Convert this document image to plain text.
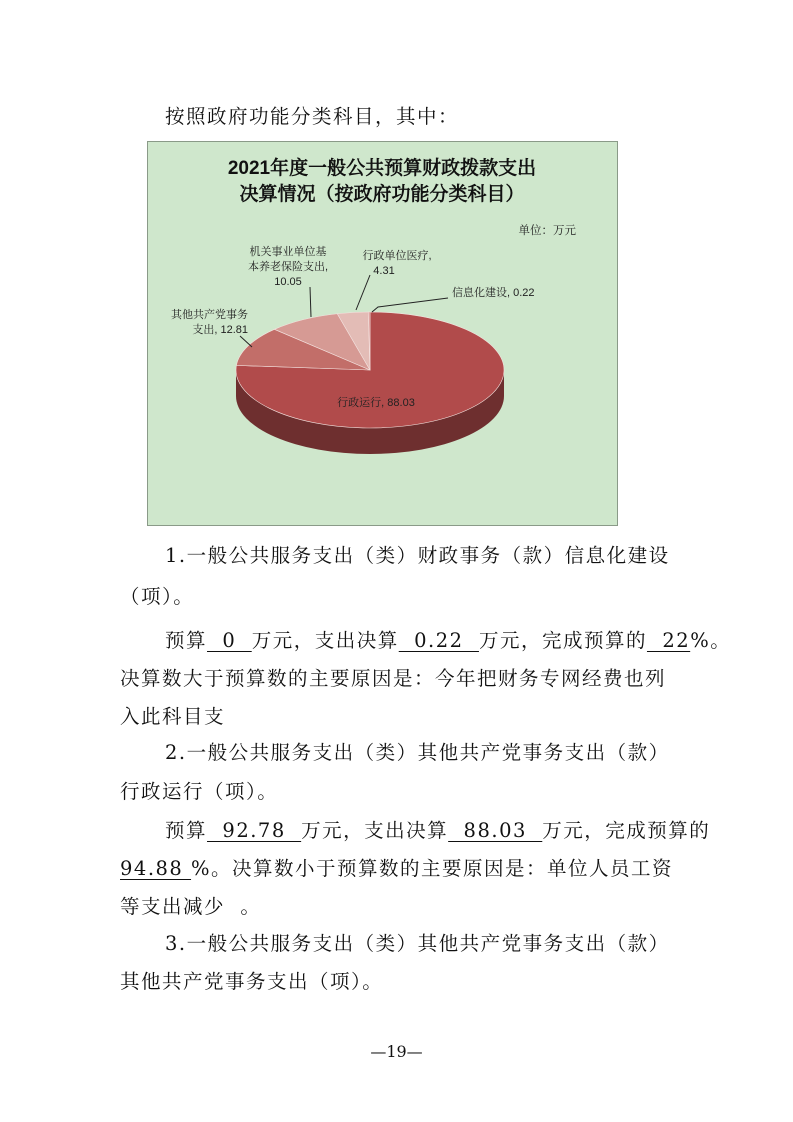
按照政府功能分类科目，其中：
2021年度一般公共预算财政拨款支出
决算情况（按政府功能分类科目）
单位：万元
行政运行, 88.03
其他共产党事务
支出, 12.81
机关事业单位基
本养老保险支出,
10.05
行政单位医疗,
4.31
信息化建设, 0.22
1.一般公共服务支出（类）财政事务（款）信息化建设
（项）。
预算  0  万元，支出决算  0.22  万元，完成预算的  22%。
决算数大于预算数的主要原因是：今年把财务专网经费也列
入此科目支
2.一般公共服务支出（类）其他共产党事务支出（款）
行政运行（项）。
预算  92.78  万元，支出决算  88.03  万元，完成预算的
94.88 %。决算数小于预算数的主要原因是：单位人员工资
等支出减少  。
3.一般公共服务支出（类）其他共产党事务支出（款）
其他共产党事务支出（项）。
—19—
